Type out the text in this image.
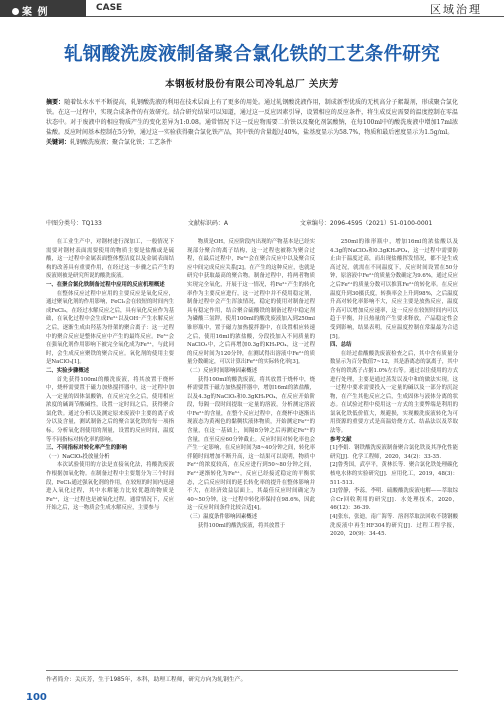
案 例	CASE	区域治理
轧钢酸洗废液制备聚合氯化铁的工艺条件研究
本钢板材股份有限公司冷轧总厂 关庆芳
摘要：随着钛水水平不断提高，轧钢酸洗液的利用在技术层面上有了更多的用处。通过轧钢酸洗液作用，制成新型优质的无机高分子絮凝剂，形成聚合氯化铁。在这一过程中，实现合成条件的有效研究。结合研究结果可以知道，通过这一反应因素引导，设置相应的反应条件，将生成反应需要的温度控制在零温状态中。对于废液中的相应物质产生的变化差异为1:0.08。通常情况下这一反应物需要二价铁以及聚化剂氯酸钠，在每100ml中的酸洗废液中增加17ml浓盐酸。反应时间基本控制在5分钟，通过这一实验获得聚合氯化铁产品，其中铁的含量超过40%，盐基度显示为58.7%，物质和最后密度显示为1.5g/ml。
关键词：轧钢酸洗废液；聚合氯化铁；工艺条件
中图分类号：TQ133	文献标识码：A	文章编号：2096-4595（2021）51-0100-0001

在工业生产中，对钢材进行深加工，一般情况下需要对钢材表面需要使用的物质主要是盐酸或是硫酸，这一过程中金属表面整体整洁度以及金属表面结构的改善具有重要作用，在经过这一步骤之后产生的废液则被是研究所说的酸洗废液。

一、在聚合氯化铁制备过程中应用的反应机理概述

在整体反应过程中应用的主要反应是氧化反应，通过聚氧化剂的作用影响，FeCl₂会在较短的时间内生成FeCl₃，在经过水解反应之后，具有氧化反应作为基础，在氧化过程中会生成Fe³⁺以及OH⁻产生水解反应之后，逐渐生成由羟基为骨架的聚合离子：这一过程中的聚合反应是整体反应中产生的最终反应。Fe³⁺会在强氧化剂作用影响下被完全氧化成为Fe³⁺，与此同时，会生成反应聚铁的聚合反应。氧化剂的使用主要是NaClO₃[1]。

二、实验步骤概述

首先获得100ml的酸洗废液，将其放置于烧杯中，烧杯需要置于磁力加热搅拌器中，这一过程中加入一定量的固体氯酸钠，在反应完全之后，使用相应浓度的碱调节酸碱性，设置一定时间之后，获得聚合氯化铁。通过分析以及测定原来废液中主要的离子成分以及含量，测试制备之后的聚合氯化铁的每一项指标。分析氧化剂使用的剂量，设置的反应时间，温度等不同指标对转化率的影响。

三、不同指标对转化率产生的影响

（一）NaClO₃投放量分析

本次试验使用的方法是直接氧化法，将酸洗废液作根据加氧化物。在制备过程中主要划分为三个时间段，FeCl₂通过强氧化剂的作用，在较短的时间内迅速进入氧化过程，其中水解能力比较优越的物质是Fe³⁺，这一过程也是被氧化过程。通常情况下，反应开始之后，这一物质会生成水解反应，主要参与

物质是OH，反应阶段内出现的产物基本是已经实现部分聚合的离子结构，这一过程也被称为聚合过程，在最后过程中，Fe³⁺会在聚合反应中以及聚合反应中间完成反应关系[2]。在产生的这种反应，也就是研究中获取最高的聚合物。制备过程中，将两者物质实现完全氧化，开展于这一情况，将Fe²⁺产生的转化率作为主要反应进行，这一过程中并不使用稳定剂，制备过程中会产生浑浊情况，稳定的使用对制备过程具有稳定作用，结合聚合硫酸铁的制备过程中稳定剂为磷酸三氢钾。使用100ml的酸洗废液加入到250ml锥形瓶中，置于磁力加热搅拌器中，在设置相应转速之后，使用16ml的浓盐酸，分段投加入不同质量的NaClO₃中，之后再增加0.3g的KH₂PO₄，这一过程的反应时间为120分钟，在测试得出溶液中Fe²⁺的质量分数确定，可以计算出Fe²⁺的实际转化率[3]。

（二）反应时间影响因素概述

获得100ml的酸洗废液，将其放置于烧杯中，烧杯需要置于磁力加热搅拌器中，增加16ml的浓盐酸，以及4.3g的NaClO₃和0.3gKH₂PO₄，在反应开始阶段，每隔一段时间提取一定量的溶液，分析测定溶液中Fe²⁺的含量，在整个反应过程中，在烧杯中逐渐出现液态为黄褐色的黏稠状液体物质，开始测定Fe²⁺的含量，在这一基础上，间隔8分钟之后再测定Fe²⁺的含量，直至反应60分钟截止。反应时间对转化率也会产生一定影响，在反应时间为8~40分钟之间，转化率伴随时间增加不断升高，这一结果可以说明，物质中Fe²⁺的浓度较高，在反应进行到50~80分钟之间，Fe²⁺逐渐转化为Fe³⁺，反应已经接近稳定的平衡状态，之后反应时间的延长转化率的提升在整体影响并不大，在经济效益层面上，其最佳反应时间确定为40~50分钟，这一过程中转化率保持在98.6%，因此这一反应时间条件比较合适[4]。

（三）温度条件影响因素概述

获得100ml的酸洗废液，将其放置于

250ml的锥形瓶中，增加16ml的浓盐酸以及4.3g的NaClO₃和0.3gKH₂PO₄，这一过程中需要防止由于温度过高，而出现盐酸挥发情况，都不是生成高过况，就需在不同温度下，反应时间设置在50分钟，原溶液中Fe²⁺的质量分数确定为9.6%，通过反应之后Fe²⁺的质量分数可以推算Fe²⁺的转化率。在反应温度升到30摄氏度，转换率会上升到98%，之后温度升高对转化率影响不大，反应主要是放热反应，温度升高可以增加反应速率，这一反应在较短时间内可以趋于平衡，并且热量的产生要求释放，产品稳定性会受到影响，结果表明，反应温度控制在常温最为合适[5]。

四、总结

在经过盐酸酸洗废液检查之后，其中含有质量分数显示为百分数值7~12，其是游离态的氯离子，其中含有的铁离子占据1.0%左右等。通过以往使用的方式进行处理，主要是通过蒸发以及中和的做法实现。这一过程中要求需要投入一定量的碱以及一部分的沉淀物，在产生其他反应之后，生成固体与液体分离的状态。在试验过程中使用这一方式的主要弊端是利用的氯氧化铁低价值大，规避损，实现酸洗废液转化为可用资源的重要方式是高温焙烧方式、结晶法以及萃取法等。

参考文献

[1]李娟．钢铁酸洗废液制备聚合氯化铁及其净化性能研究[J]．化学工程师，2020，34(2)：33-35.

[2]鲁秀国，武亭平，黄林长等．聚合氯化铁处理碳化核电水体的实验研究[J]．应用化工，2019，48(3)：511-513.

[3]曾静，李蕊，李明．硫酸酸洗废液电解——萃取综合Cr回收利用的研究[J]．水处理技术，2020，46(12)：36-39.

[4]张东，张迪，南广海等．溶剂萃取法回收不锈钢酸洗废液中再生HF304的研究[J]．过程工程学报，2020，20(9)：34-45.

作者简介：关庆芳，生于1985年，本科，助理工程师，研究方向为轧钢生产。
100
